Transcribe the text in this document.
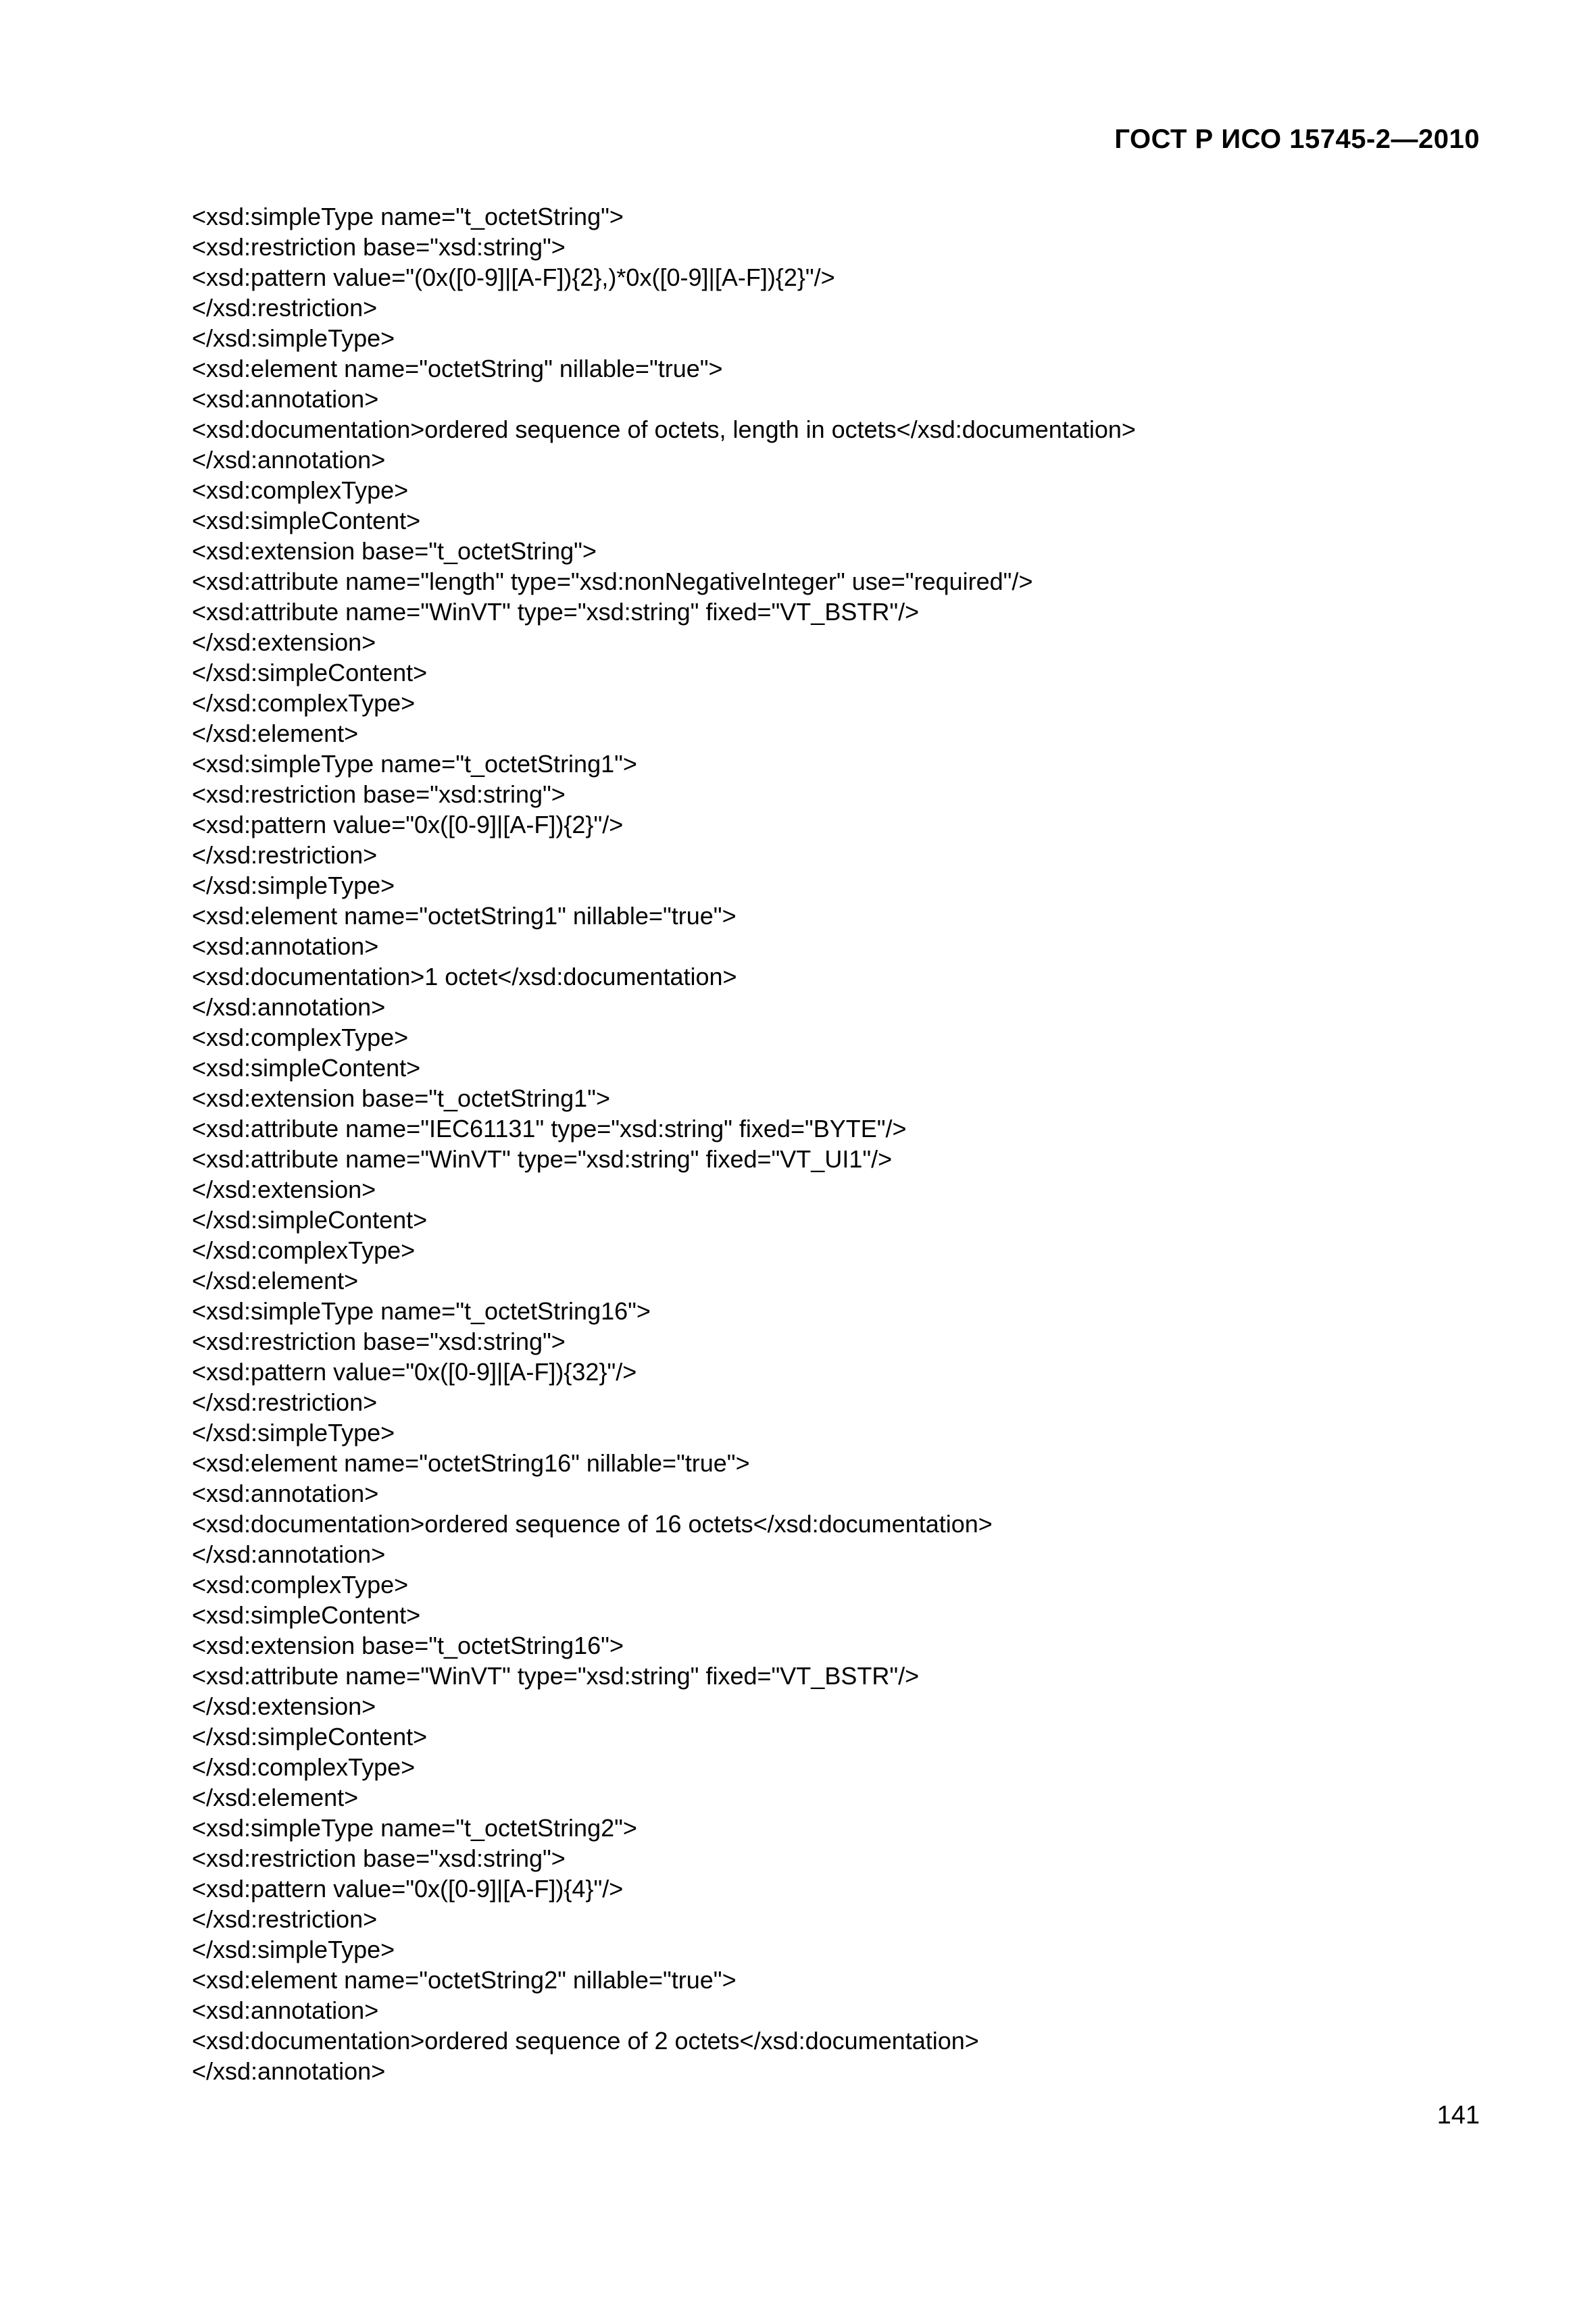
ГОСТ Р ИСО 15745-2—2010
<xsd:simpleType name="t_octetString">
<xsd:restriction base="xsd:string">
<xsd:pattern value="(0x([0-9]|[A-F]){2},)*0x([0-9]|[A-F]){2}"/>
</xsd:restriction>
</xsd:simpleType>
<xsd:element name="octetString" nillable="true">
<xsd:annotation>
<xsd:documentation>ordered sequence of octets, length in octets</xsd:documentation>
</xsd:annotation>
<xsd:complexType>
<xsd:simpleContent>
<xsd:extension base="t_octetString">
<xsd:attribute name="length" type="xsd:nonNegativeInteger" use="required"/>
<xsd:attribute name="WinVT" type="xsd:string" fixed="VT_BSTR"/>
</xsd:extension>
</xsd:simpleContent>
</xsd:complexType>
</xsd:element>
<xsd:simpleType name="t_octetString1">
<xsd:restriction base="xsd:string">
<xsd:pattern value="0x([0-9]|[A-F]){2}"/>
</xsd:restriction>
</xsd:simpleType>
<xsd:element name="octetString1" nillable="true">
<xsd:annotation>
<xsd:documentation>1 octet</xsd:documentation>
</xsd:annotation>
<xsd:complexType>
<xsd:simpleContent>
<xsd:extension base="t_octetString1">
<xsd:attribute name="IEC61131" type="xsd:string" fixed="BYTE"/>
<xsd:attribute name="WinVT" type="xsd:string" fixed="VT_UI1"/>
</xsd:extension>
</xsd:simpleContent>
</xsd:complexType>
</xsd:element>
<xsd:simpleType name="t_octetString16">
<xsd:restriction base="xsd:string">
<xsd:pattern value="0x([0-9]|[A-F]){32}"/>
</xsd:restriction>
</xsd:simpleType>
<xsd:element name="octetString16" nillable="true">
<xsd:annotation>
<xsd:documentation>ordered sequence of 16 octets</xsd:documentation>
</xsd:annotation>
<xsd:complexType>
<xsd:simpleContent>
<xsd:extension base="t_octetString16">
<xsd:attribute name="WinVT" type="xsd:string" fixed="VT_BSTR"/>
</xsd:extension>
</xsd:simpleContent>
</xsd:complexType>
</xsd:element>
<xsd:simpleType name="t_octetString2">
<xsd:restriction base="xsd:string">
<xsd:pattern value="0x([0-9]|[A-F]){4}"/>
</xsd:restriction>
</xsd:simpleType>
<xsd:element name="octetString2" nillable="true">
<xsd:annotation>
<xsd:documentation>ordered sequence of 2 octets</xsd:documentation>
</xsd:annotation>
141
